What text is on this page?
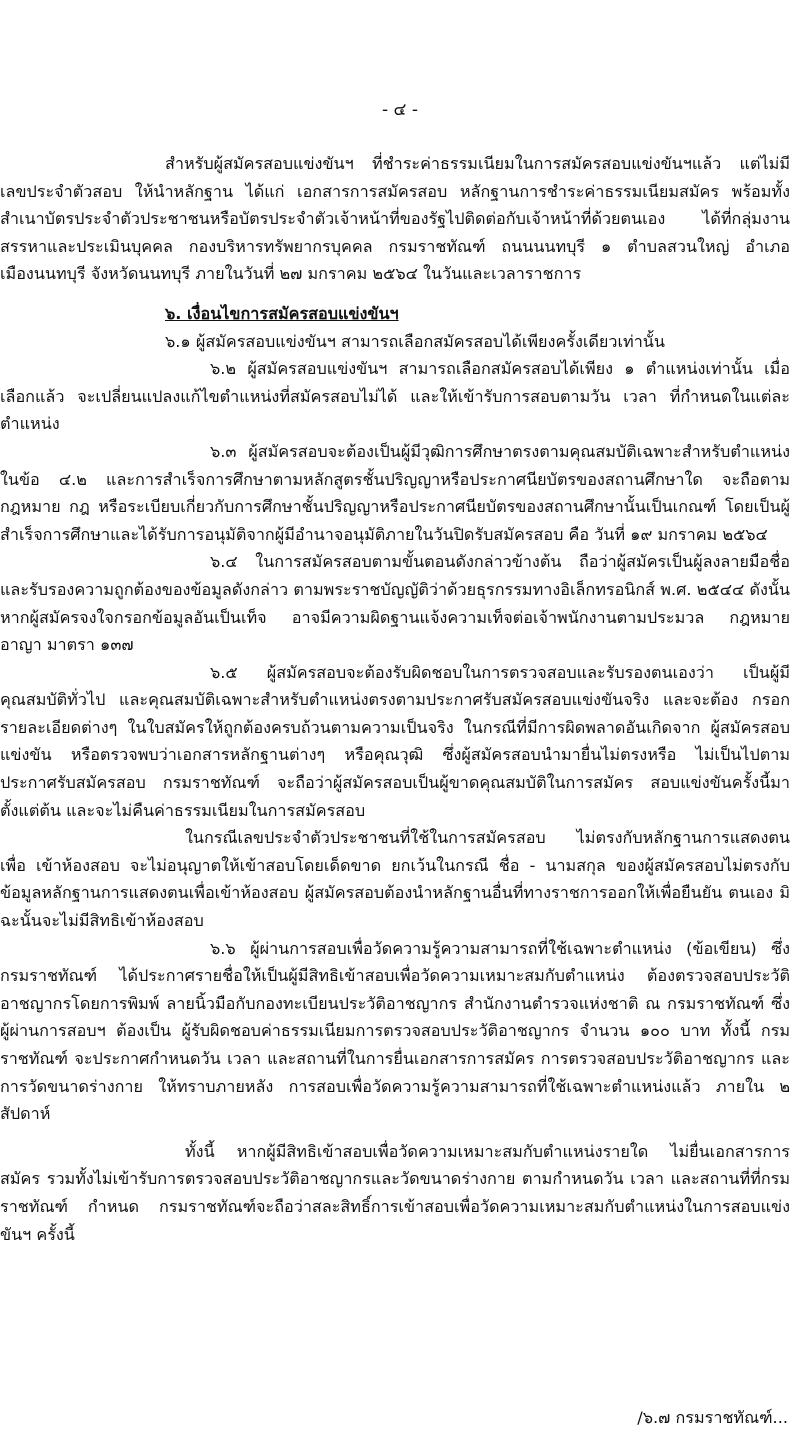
- ๔ -
สำหรับผู้สมัครสอบแข่งขันฯ ที่ชำระค่าธรรมเนียมในการสมัครสอบแข่งขันฯแล้ว แต่ไม่มีเลขประจำตัวสอบ ให้นำหลักฐาน ได้แก่ เอกสารการสมัครสอบ หลักฐานการชำระค่าธรรมเนียมสมัคร พร้อมทั้งสำเนาบัตรประจำตัวประชาชนหรือบัตรประจำตัวเจ้าหน้าที่ของรัฐไปติดต่อกับเจ้าหน้าที่ด้วยตนเอง ได้ที่กลุ่มงานสรรหาและประเมินบุคคล กองบริหารทรัพยากรบุคคล กรมราชทัณฑ์ ถนนนนทบุรี ๑ ตำบลสวนใหญ่ อำเภอเมืองนนทบุรี จังหวัดนนทบุรี ภายในวันที่ ๒๗ มกราคม ๒๕๖๔ ในวันและเวลาราชการ
๖. เงื่อนไขการสมัครสอบแข่งขันฯ
๖.๑ ผู้สมัครสอบแข่งขันฯ สามารถเลือกสมัครสอบได้เพียงครั้งเดียวเท่านั้น
๖.๒ ผู้สมัครสอบแข่งขันฯ สามารถเลือกสมัครสอบได้เพียง ๑ ตำแหน่งเท่านั้น เมื่อเลือกแล้ว จะเปลี่ยนแปลงแก้ไขตำแหน่งที่สมัครสอบไม่ได้ และให้เข้ารับการสอบตามวัน เวลา ที่กำหนดในแต่ละตำแหน่ง
๖.๓ ผู้สมัครสอบจะต้องเป็นผู้มีวุฒิการศึกษาตรงตามคุณสมบัติเฉพาะสำหรับตำแหน่ง ในข้อ ๔.๒ และการสำเร็จการศึกษาตามหลักสูตรชั้นปริญญาหรือประกาศนียบัตรของสถานศึกษาใด จะถือตาม กฎหมาย กฎ หรือระเบียบเกี่ยวกับการศึกษาชั้นปริญญาหรือประกาศนียบัตรของสถานศึกษานั้นเป็นเกณฑ์ โดยเป็นผู้สำเร็จการศึกษาและได้รับการอนุมัติจากผู้มีอำนาจอนุมัติภายในวันปิดรับสมัครสอบ คือ วันที่ ๑๙ มกราคม ๒๕๖๔
๖.๔ ในการสมัครสอบตามขั้นตอนดังกล่าวข้างต้น ถือว่าผู้สมัครเป็นผู้ลงลายมือชื่อ และรับรองความถูกต้องของข้อมูลดังกล่าว ตามพระราชบัญญัติว่าด้วยธุรกรรมทางอิเล็กทรอนิกส์ พ.ศ. ๒๕๔๔ ดังนั้น หากผู้สมัครจงใจกรอกข้อมูลอันเป็นเท็จ อาจมีความผิดฐานแจ้งความเท็จต่อเจ้าพนักงานตามประมวล กฎหมายอาญา มาตรา ๑๓๗
๖.๕ ผู้สมัครสอบจะต้องรับผิดชอบในการตรวจสอบและรับรองตนเองว่า เป็นผู้มี คุณสมบัติทั่วไป และคุณสมบัติเฉพาะสำหรับตำแหน่งตรงตามประกาศรับสมัครสอบแข่งขันจริง และจะต้อง กรอกรายละเอียดต่างๆ ในใบสมัครให้ถูกต้องครบถ้วนตามความเป็นจริง ในกรณีที่มีการผิดพลาดอันเกิดจาก ผู้สมัครสอบแข่งขัน หรือตรวจพบว่าเอกสารหลักฐานต่างๆ หรือคุณวุฒิ ซึ่งผู้สมัครสอบนำมายื่นไม่ตรงหรือ ไม่เป็นไปตามประกาศรับสมัครสอบ กรมราชทัณฑ์ จะถือว่าผู้สมัครสอบเป็นผู้ขาดคุณสมบัติในการสมัคร สอบแข่งขันครั้งนี้มาตั้งแต่ต้น และจะไม่คืนค่าธรรมเนียมในการสมัครสอบ
ในกรณีเลขประจำตัวประชาชนที่ใช้ในการสมัครสอบ ไม่ตรงกับหลักฐานการแสดงตนเพื่อ เข้าห้องสอบ จะไม่อนุญาตให้เข้าสอบโดยเด็ดขาด ยกเว้นในกรณี ชื่อ - นามสกุล ของผู้สมัครสอบไม่ตรงกับ ข้อมูลหลักฐานการแสดงตนเพื่อเข้าห้องสอบ ผู้สมัครสอบต้องนำหลักฐานอื่นที่ทางราชการออกให้เพื่อยืนยัน ตนเอง มิฉะนั้นจะไม่มีสิทธิเข้าห้องสอบ
๖.๖ ผู้ผ่านการสอบเพื่อวัดความรู้ความสามารถที่ใช้เฉพาะตำแหน่ง (ข้อเขียน) ซึ่งกรมราชทัณฑ์ ได้ประกาศรายชื่อให้เป็นผู้มีสิทธิเข้าสอบเพื่อวัดความเหมาะสมกับตำแหน่ง ต้องตรวจสอบประวัติอาชญากรโดยการพิมพ์ ลายนิ้วมือกับกองทะเบียนประวัติอาชญากร สำนักงานตำรวจแห่งชาติ ณ กรมราชทัณฑ์ ซึ่งผู้ผ่านการสอบฯ ต้องเป็น ผู้รับผิดชอบค่าธรรมเนียมการตรวจสอบประวัติอาชญากร จำนวน ๑๐๐ บาท ทั้งนี้ กรมราชทัณฑ์ จะประกาศกำหนดวัน เวลา และสถานที่ในการยื่นเอกสารการสมัคร การตรวจสอบประวัติอาชญากร และการวัดขนาดร่างกาย ให้ทราบภายหลัง การสอบเพื่อวัดความรู้ความสามารถที่ใช้เฉพาะตำแหน่งแล้ว ภายใน ๒ สัปดาห์
ทั้งนี้ หากผู้มีสิทธิเข้าสอบเพื่อวัดความเหมาะสมกับตำแหน่งรายใด ไม่ยื่นเอกสารการสมัคร รวมทั้งไม่เข้ารับการตรวจสอบประวัติอาชญากรและวัดขนาดร่างกาย ตามกำหนดวัน เวลา และสถานที่ที่กรมราชทัณฑ์ กำหนด กรมราชทัณฑ์จะถือว่าสละสิทธิ์การเข้าสอบเพื่อวัดความเหมาะสมกับตำแหน่งในการสอบแข่งขันฯ ครั้งนี้
/๖.๗ กรมราชทัณฑ์...
